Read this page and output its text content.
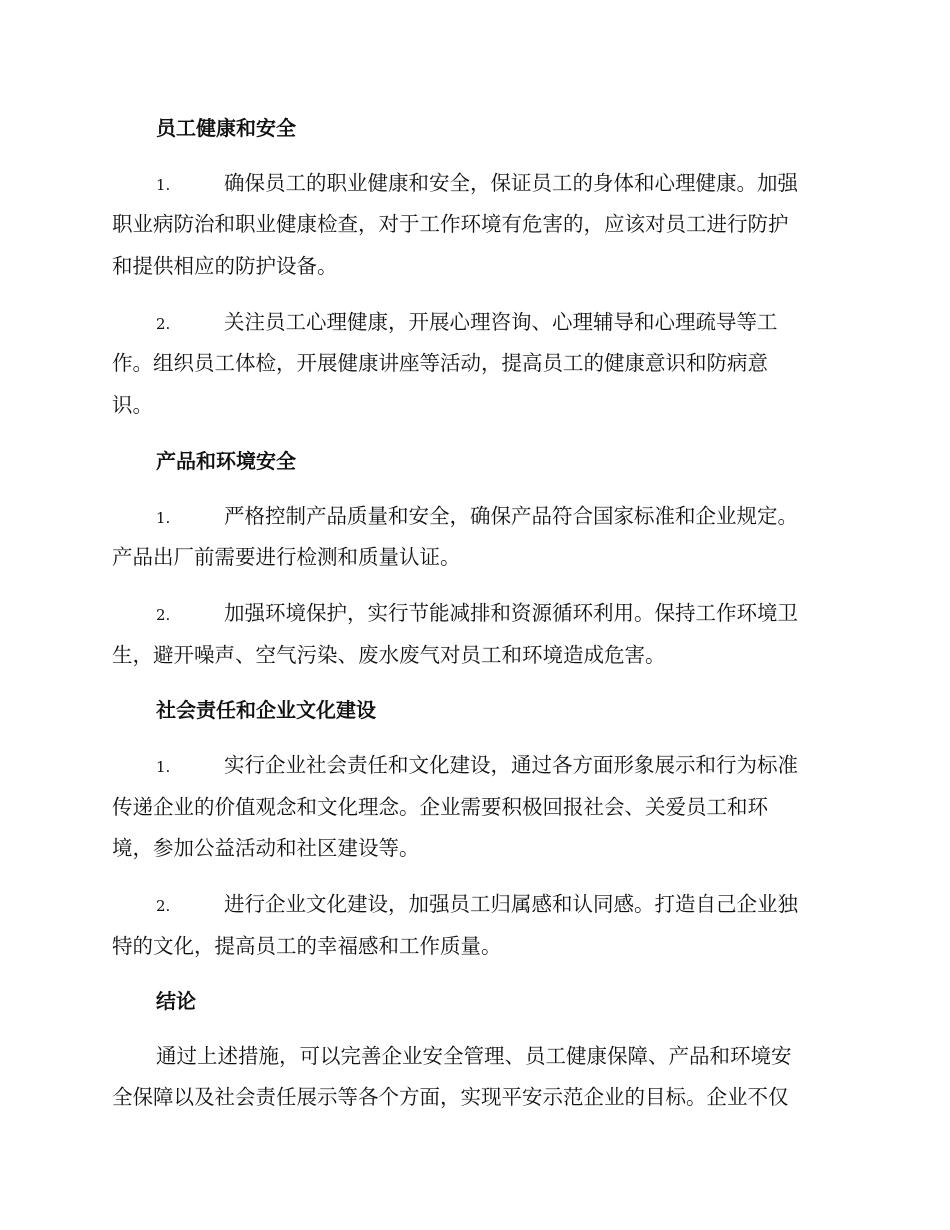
员工健康和安全
1.	确保员工的职业健康和安全，保证员工的身体和心理健康。加强
职业病防治和职业健康检查，对于工作环境有危害的，应该对员工进行防护
和提供相应的防护设备。
2.	关注员工心理健康，开展心理咨询、心理辅导和心理疏导等工
作。组织员工体检，开展健康讲座等活动，提高员工的健康意识和防病意
识。
产品和环境安全
1.	严格控制产品质量和安全，确保产品符合国家标准和企业规定。
产品出厂前需要进行检测和质量认证。
2.	加强环境保护，实行节能减排和资源循环利用。保持工作环境卫
生，避开噪声、空气污染、废水废气对员工和环境造成危害。
社会责任和企业文化建设
1.	实行企业社会责任和文化建设，通过各方面形象展示和行为标准
传递企业的价值观念和文化理念。企业需要积极回报社会、关爱员工和环
境，参加公益活动和社区建设等。
2.	进行企业文化建设，加强员工归属感和认同感。打造自己企业独
特的文化，提高员工的幸福感和工作质量。
结论
通过上述措施，可以完善企业安全管理、员工健康保障、产品和环境安
全保障以及社会责任展示等各个方面，实现平安示范企业的目标。企业不仅
